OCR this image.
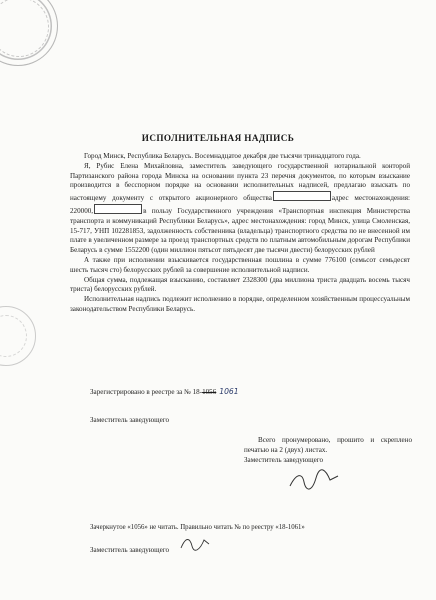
ИСПОЛНИТЕЛЬНАЯ НАДПИСЬ

Город Минск, Республика Беларусь. Восемнадцатое декабря две тысячи тринадцатого года.

Я, Рубис Елена Михайловна, заместитель заведующего государственной нотариальной конторой Партизанского района города Минска на основании пункта 23 перечня документов, по которым взыскание производится в бесспорном порядке на основании исполнительных надписей, предлагаю взыскать по настоящему документу с открытого акционерного общества	адрес местонахождения: 220000,	в пользу Государственного учреждения «Транспортная инспекция Министерства транспорта и коммуникаций Республики Беларусь», адрес местонахождения: город Минск, улица Смоленская, 15-717, УНП 102281853, задолженность собственника (владельца) транспортного средства по не внесенной им плате в увеличенном размере за проезд транспортных средств по платным автомобильным дорогам Республики Беларусь в сумме 1552200 (один миллион пятьсот пятьдесят две тысячи двести) белорусских рублей

А также при исполнении взыскивается государственная пошлина в сумме 776100 (семьсот семьдесят шесть тысяч сто) белорусских рублей за совершение исполнительной надписи.

Общая сумма, подлежащая взысканию, составляет 2328300 (два миллиона триста двадцать восемь тысяч триста) белорусских рублей.

Исполнительная надпись подлежит исполнению в порядке, определенном хозяйственным процессуальным законодательством Республики Беларусь.

Зарегистрировано в реестре за № 18-1056 1061
Заместитель заведующего

Всего пронумеровано, прошито и скреплено печатью на 2 (двух) листах.

Заместитель заведующего

Зачеркнутое «1056» не читать. Правильно читать № по реестру «18-1061»
Заместитель заведующего
